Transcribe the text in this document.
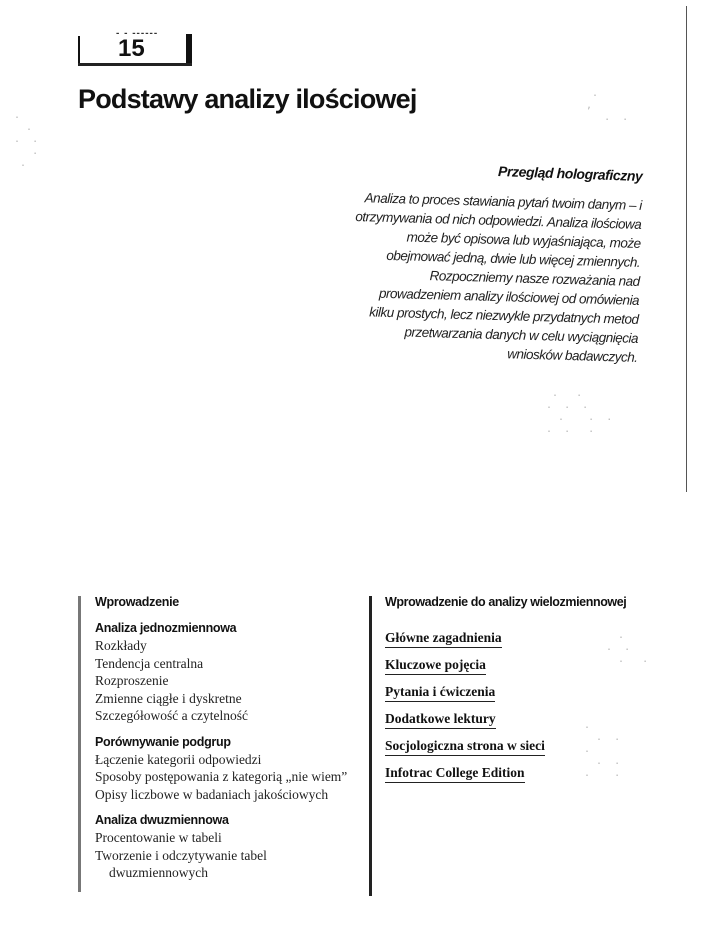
- - ------
15
Podstawy analizy ilościowej
Przegląd holograficzny

Analiza to proces stawiania pytań twoim danym – i otrzymywania od nich odpowiedzi. Analiza ilościowa może być opisowa lub wyjaśniająca, może obejmować jedną, dwie lub więcej zmiennych. Rozpoczniemy nasze rozważania nad prowadzeniem analizy ilościowej od omówienia kilku prostych, lecz niezwykle przydatnych metod przetwarzania danych w celu wyciągnięcia wniosków badawczych.

Wprowadzenie
Analiza jednozmiennowa
Rozkłady
Tendencja centralna
Rozproszenie
Zmienne ciągłe i dyskretne
Szczegółowość a czytelność
Porównywanie podgrup
Łączenie kategorii odpowiedzi
Sposoby postępowania z kategorią „nie wiem”
Opisy liczbowe w badaniach jakościowych
Analiza dwuzmiennowa
Procentowanie w tabeli
Tworzenie i odczytywanie tabel
dwuzmiennowych
Wprowadzenie do analizy wielozmiennowej
Główne zagadnienia
Kluczowe pojęcia
Pytania i ćwiczenia
Dodatkowe lektury
Socjologiczna strona w sieci
Infotrac College Edition
.
,
.  .
.   .
.  .  .
.    .  .
.  .   .
.
.  .
.   .
.
.  .
.
.  .
.    .
.
.
.  .
.
.
